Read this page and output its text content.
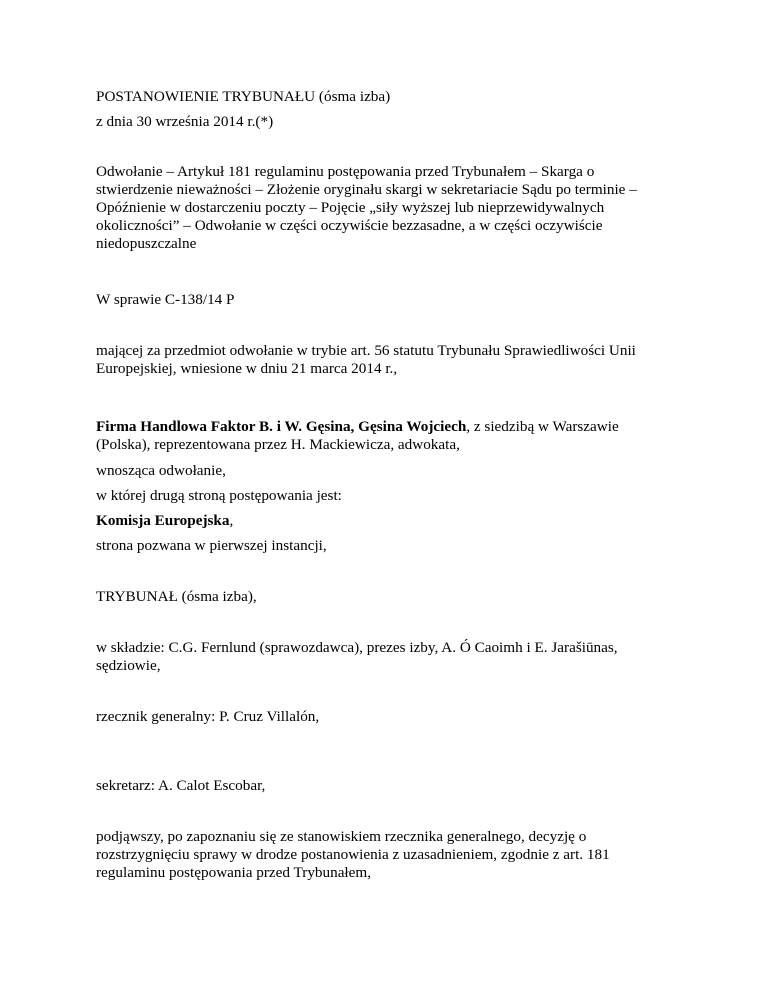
POSTANOWIENIE TRYBUNAŁU (ósma izba)

z dnia 30 września 2014 r.(*)

Odwołanie – Artykuł 181 regulaminu postępowania przed Trybunałem – Skarga o stwierdzenie nieważności – Złożenie oryginału skargi w sekretariacie Sądu po terminie – Opóźnienie w dostarczeniu poczty – Pojęcie „siły wyższej lub nieprzewidywalnych okoliczności” – Odwołanie w części oczywiście bezzasadne, a w części oczywiście niedopuszczalne

W sprawie C‑138/14 P

mającej za przedmiot odwołanie w trybie art. 56 statutu Trybunału Sprawiedliwości Unii Europejskiej, wniesione w dniu 21 marca 2014 r.,

Firma Handlowa Faktor B. i W. Gęsina, Gęsina Wojciech, z siedzibą w Warszawie (Polska), reprezentowana przez H. Mackiewicza, adwokata,

wnosząca odwołanie,

w której drugą stroną postępowania jest:

Komisja Europejska,

strona pozwana w pierwszej instancji,

TRYBUNAŁ (ósma izba),

w składzie: C.G. Fernlund (sprawozdawca), prezes izby, A. Ó Caoimh i E. Jarašiūnas, sędziowie,

rzecznik generalny: P. Cruz Villalón,

sekretarz: A. Calot Escobar,

podjąwszy, po zapoznaniu się ze stanowiskiem rzecznika generalnego, decyzję o rozstrzygnięciu sprawy w drodze postanowienia z uzasadnieniem, zgodnie z art. 181 regulaminu postępowania przed Trybunałem,
